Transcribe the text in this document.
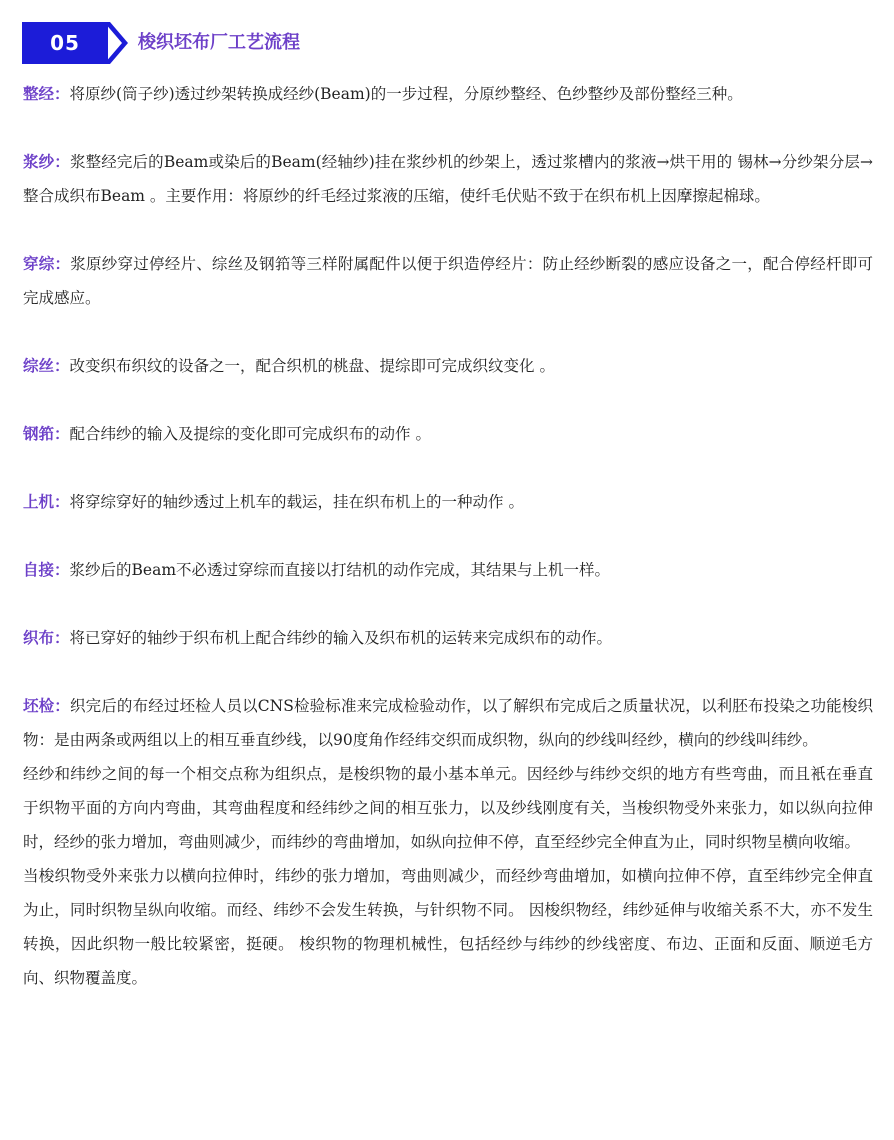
05	梭织坯布厂工艺流程

整经：将原纱(筒子纱)透过纱架转换成经纱(Beam)的一步过程，分原纱整经、色纱整纱及部份整经三种。

浆纱：浆整经完后的Beam或染后的Beam(经轴纱)挂在浆纱机的纱架上，透过浆槽内的浆液→烘干用的 锡林→分纱架分层→整合成织布Beam 。主要作用：将原纱的纤毛经过浆液的压缩，使纤毛伏贴不致于在织布机上因摩擦起棉球。

穿综：浆原纱穿过停经片、综丝及钢筘等三样附属配件以便于织造停经片：防止经纱断裂的感应设备之一，配合停经杆即可完成感应。

综丝：改变织布织纹的设备之一，配合织机的桃盘、提综即可完成织纹变化 。

钢筘：配合纬纱的输入及提综的变化即可完成织布的动作 。

上机：将穿综穿好的轴纱透过上机车的载运，挂在织布机上的一种动作 。

自接：浆纱后的Beam不必透过穿综而直接以打结机的动作完成，其结果与上机一样。

织布：将已穿好的轴纱于织布机上配合纬纱的输入及织布机的运转来完成织布的动作。

坯检：织完后的布经过坯检人员以CNS检验标准来完成检验动作，以了解织布完成后之质量状况，以利胚布投染之功能梭织物：是由两条或两组以上的相互垂直纱线，以90度角作经纬交织而成织物，纵向的纱线叫经纱，横向的纱线叫纬纱。

经纱和纬纱之间的每一个相交点称为组织点，是梭织物的最小基本单元。因经纱与纬纱交织的地方有些弯曲，而且衹在垂直于织物平面的方向内弯曲，其弯曲程度和经纬纱之间的相互张力，以及纱线刚度有关，当梭织物受外来张力，如以纵向拉伸时，经纱的张力增加，弯曲则减少，而纬纱的弯曲增加，如纵向拉伸不停，直至经纱完全伸直为止，同时织物呈横向收缩。

当梭织物受外来张力以横向拉伸时，纬纱的张力增加，弯曲则减少，而经纱弯曲增加，如横向拉伸不停，直至纬纱完全伸直为止，同时织物呈纵向收缩。而经、纬纱不会发生转换，与针织物不同。 因梭织物经，纬纱延伸与收缩关系不大，亦不发生转换，因此织物一般比较紧密，挺硬。 梭织物的物理机械性，包括经纱与纬纱的纱线密度、布边、正面和反面、顺逆毛方向、织物覆盖度。
